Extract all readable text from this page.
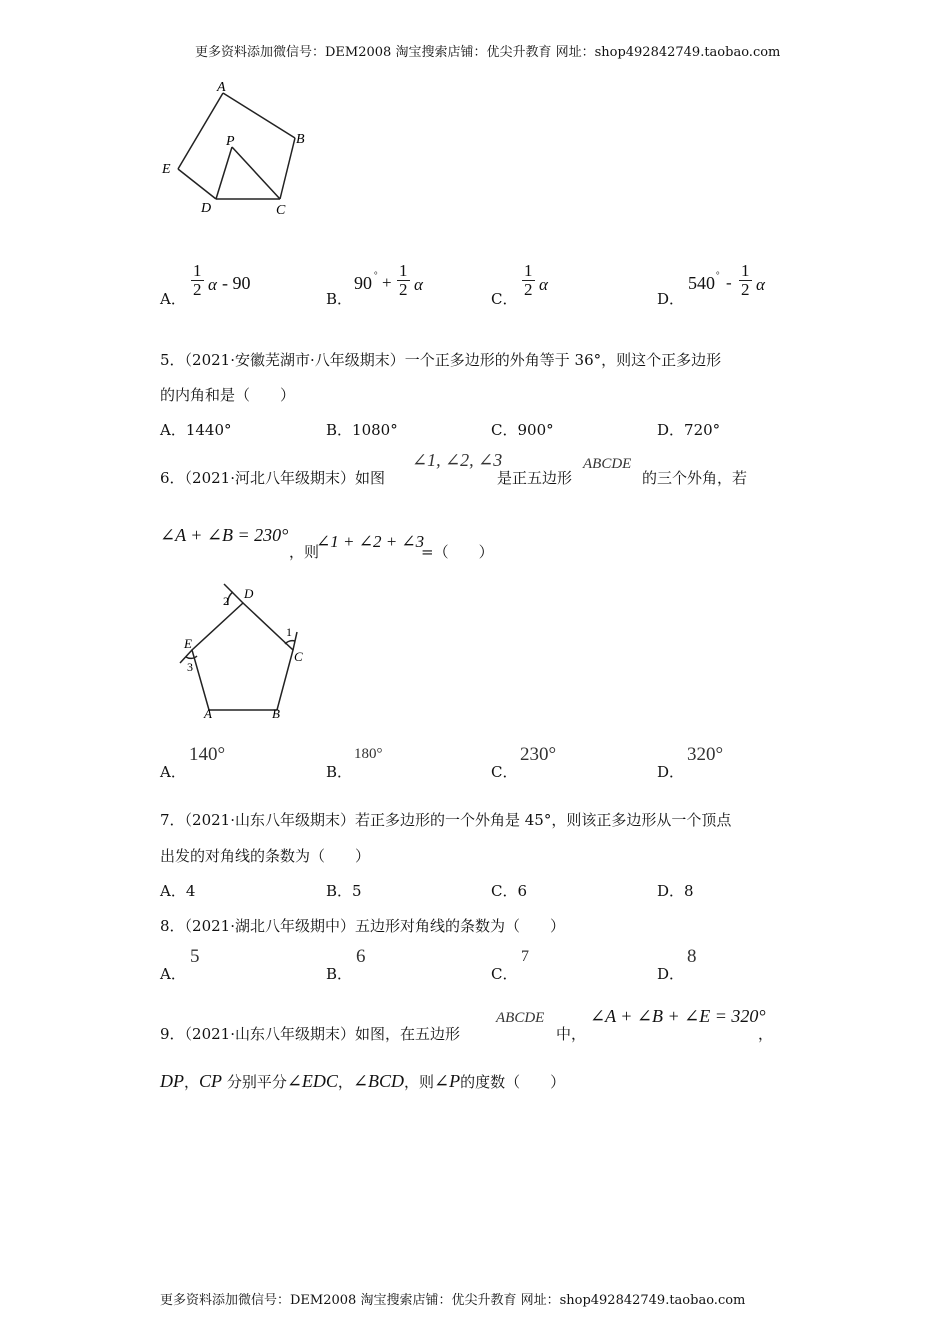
更多资料添加微信号：DEM2008 淘宝搜索店铺：优尖升教育 网址：shop492842749.taobao.com
A
B
C
D
E
P
A．
$\frac{1}{2}$ α - 90
B．
90 ° + $\frac{1}{2}$ α
C．
$\frac{1}{2}$ α
D．
540 ° - $\frac{1}{2}$ α
5．（2021·安徽芜湖市·八年级期末）一个正多边形的外角等于 36°，则这个正多边形
的内角和是（　　）
A．1440°	B．1080°	C．900°	D．720°
6．（2021·河北八年级期末）如图
∠1, ∠2, ∠3
是正五边形
ABCDE
的三个外角，若
∠A + ∠B = 230°
，则
∠1 + ∠2 + ∠3
=（　　）
A	B
C
D
E
1
2
3
A．
140°
B．
180°
C．
230°
D．
320°
7．（2021·山东八年级期末）若正多边形的一个外角是 45°，则该正多边形从一个顶点
出发的对角线的条数为（　　）
A．4	B．5	C．6	D．8
8．（2021·湖北八年级期中）五边形对角线的条数为（　　）
A．
5
B．
6
C．
7
D．
8
9．（2021·山东八年级期末）如图，在五边形
ABCDE
中，
∠A + ∠B + ∠E = 320°
，
DP，CP 分别平分∠EDC，∠BCD，则∠P的度数（　　）
更多资料添加微信号：DEM2008 淘宝搜索店铺：优尖升教育 网址：shop492842749.taobao.com
